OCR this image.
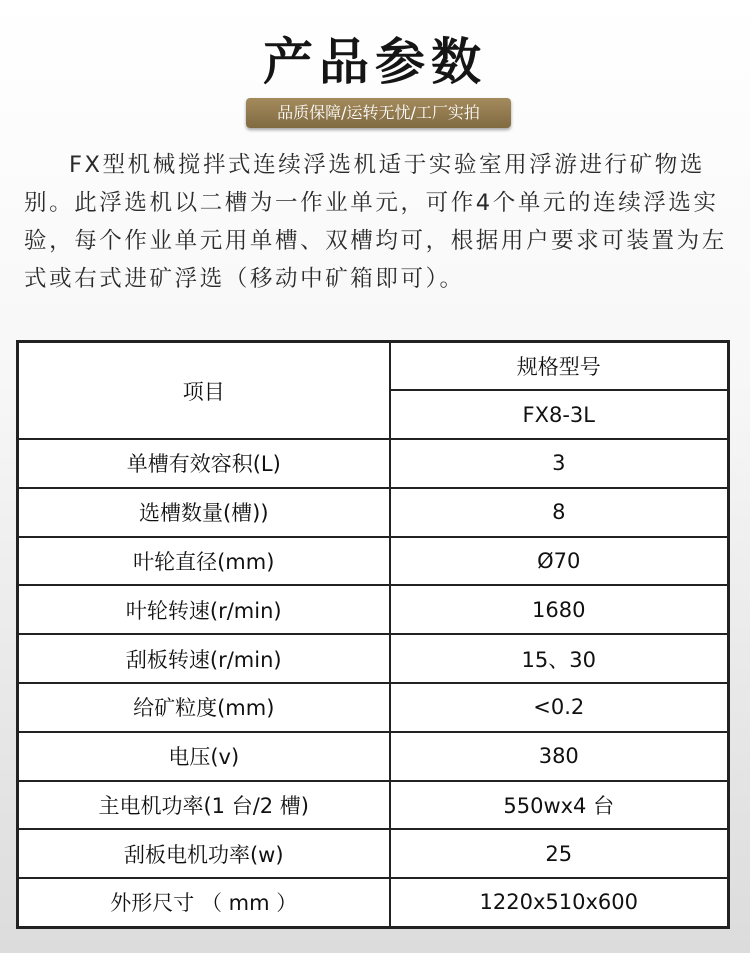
产品参数
品质保障/运转无忧/工厂实拍

FX型机械搅拌式连续浮选机适于实验室用浮游进行矿物选别。此浮选机以二槽为一作业单元，可作4个单元的连续浮选实验，每个作业单元用单槽、双槽均可，根据用户要求可装置为左式或右式进矿浮选（移动中矿箱即可）。

项目	规格型号
	FX8-3L
单槽有效容积(L)	3
选槽数量(槽))	8
叶轮直径(mm)	Ø70
叶轮转速(r/min)	1680
刮板转速(r/min)	15、30
给矿粒度(mm)	<0.2
电压(v)	380
主电机功率(1 台/2 槽)	550wx4 台
刮板电机功率(w)	25
外形尺寸 （ mm ）	1220x510x600
